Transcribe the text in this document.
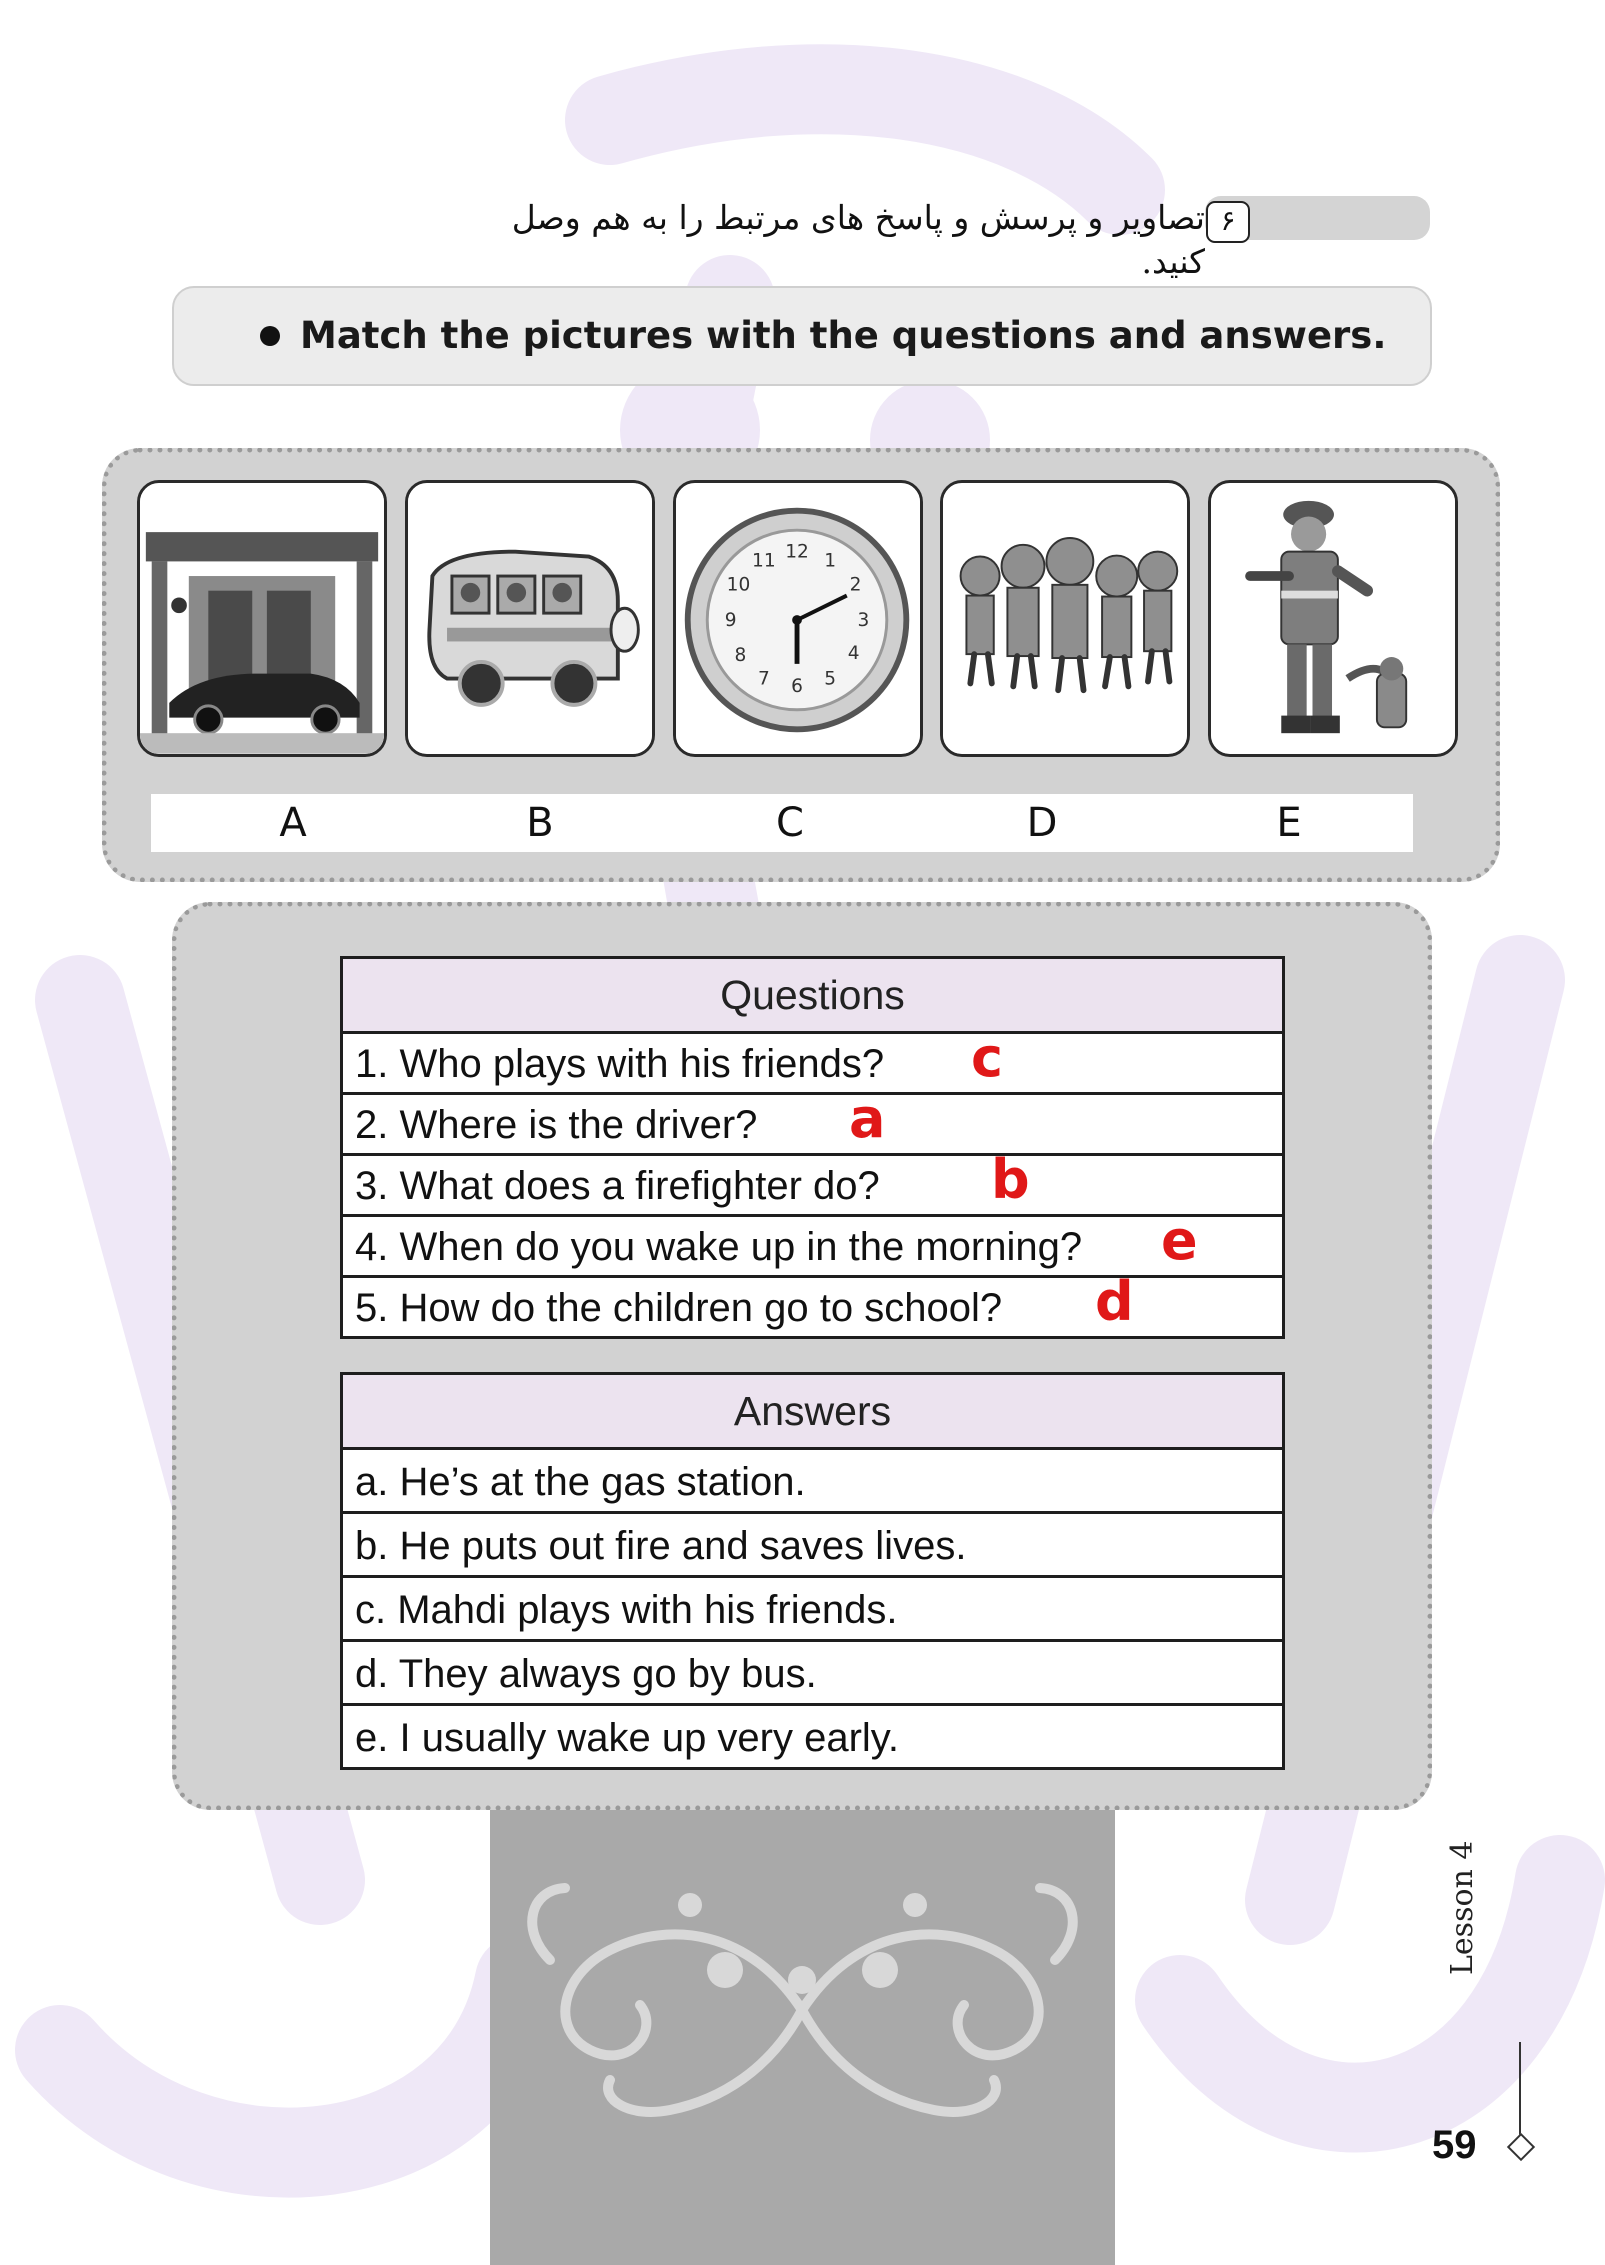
تصاویر و پرسش و پاسخ های مرتبط را به هم وصل کنید.
۶
Match the pictures with the questions and answers.
12 1
2
3
4
5
6
7
8
9
10
11
A	B	C	D	E
Questions
1. Who plays with his friends? c
2. Where is the driver? a
3. What does a firefighter do? b
4. When do you wake up in the morning? e
5. How do the children go to school? d
Answers
a. He’s at the gas station.
b. He puts out fire and saves lives.
c. Mahdi plays with his friends.
d. They always go by bus.
e. I usually wake up very early.
Lesson 4
59
